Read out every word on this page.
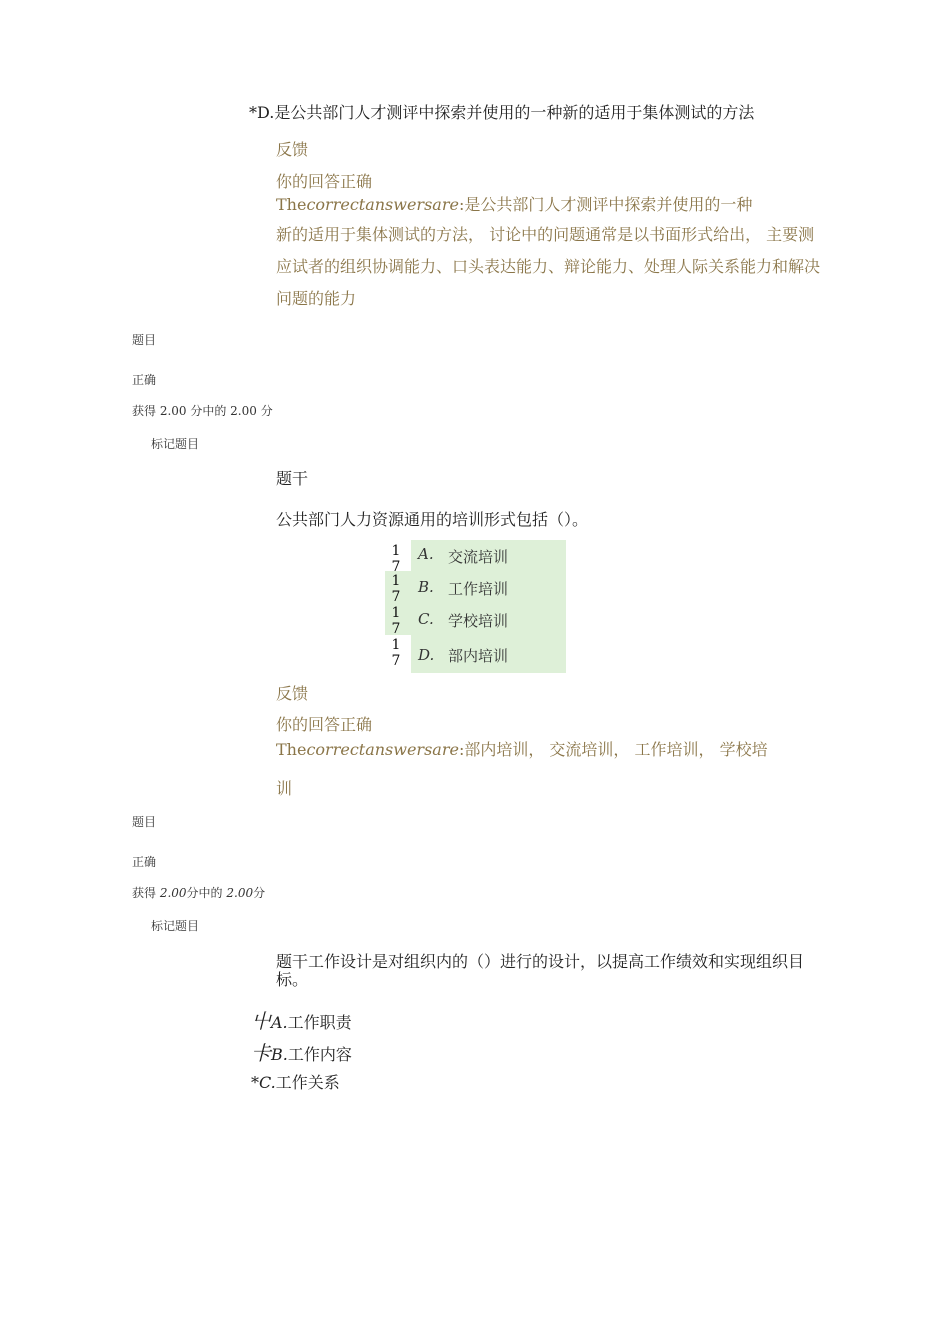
*D.是公共部门人才测评中探索并使用的一种新的适用于集体测试的方法
反馈
你的回答正确
Thecorrectanswersare:是公共部门人才测评中探索并使用的一种
新的适用于集体测试的方法， 讨论中的问题通常是以书面形式给出， 主要测应试者的组织协调能力、口头表达能力、辩论能力、处理人际关系能力和解决问题的能力
题目
正确
获得 2.00 分中的 2.00 分
标记题目
题干
公共部门人力资源通用的培训形式包括（）。
1
7
A. 交流培训
1
7
B. 工作培训
1
7
C. 学校培训
1
7 D. 部内培训
反馈
你的回答正确
Thecorrectanswersare:部内培训， 交流培训， 工作培训， 学校培
训
题目
正确
获得 2.00分中的 2.00分
标记题目
题干工作设计是对组织内的（）进行的设计，以提高工作绩效和实现组织目标。
屮A.工作职责
卡B.工作内容
*C.工作关系
